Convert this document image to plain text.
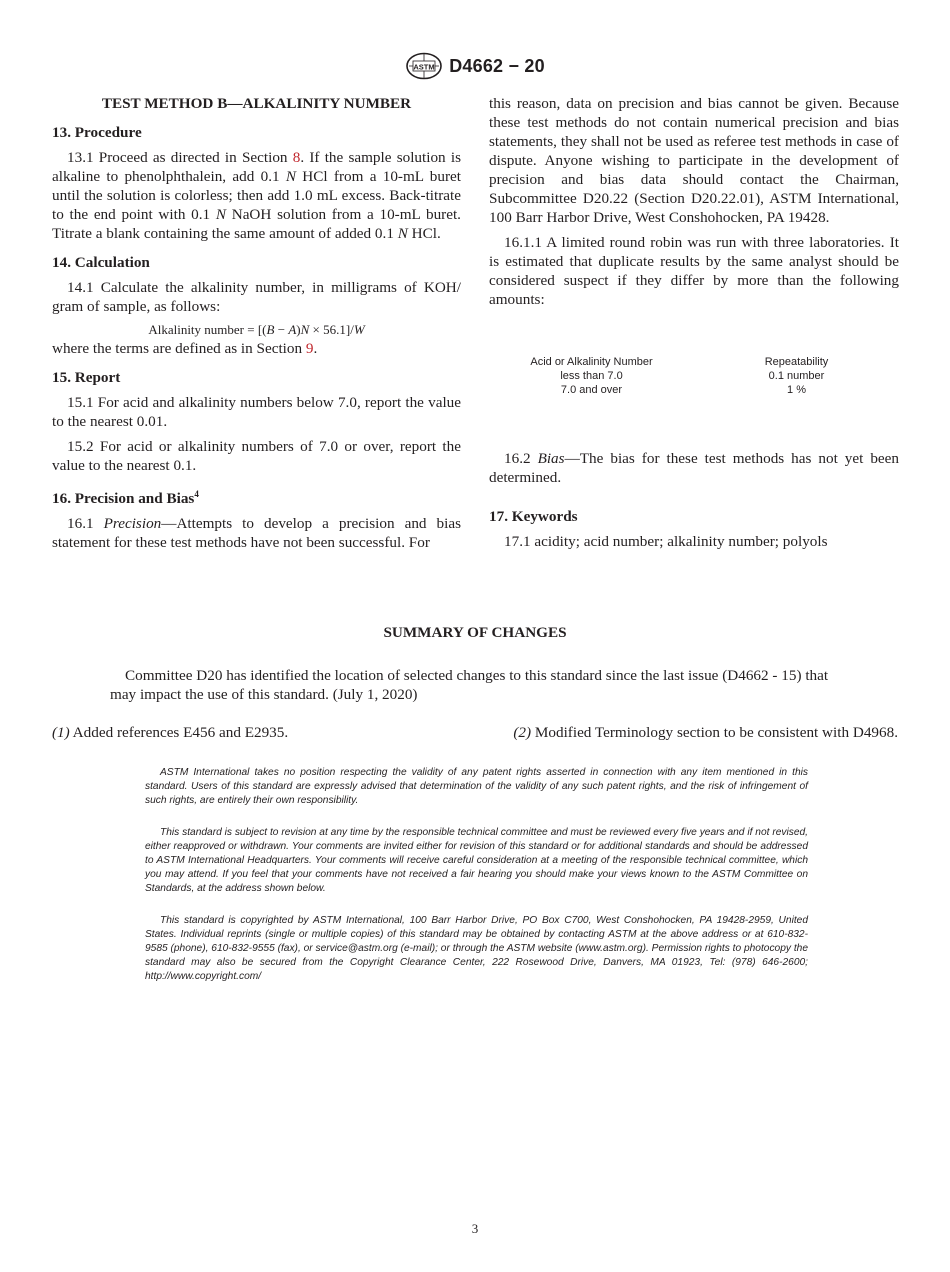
ASTM D4662 − 20

TEST METHOD B—ALKALINITY NUMBER

13. Procedure

13.1 Proceed as directed in Section 8. If the sample solution is alkaline to phenolphthalein, add 0.1 N HCl from a 10-mL buret until the solution is colorless; then add 1.0 mL excess. Back-titrate to the end point with 0.1 N NaOH solution from a 10-mL buret. Titrate a blank containing the same amount of added 0.1 N HCl.

14. Calculation

14.1 Calculate the alkalinity number, in milligrams of KOH/ gram of sample, as follows:

Alkalinity number = [(B − A)N × 56.1]/W

where the terms are defined as in Section 9.

15. Report

15.1 For acid and alkalinity numbers below 7.0, report the value to the nearest 0.01.

15.2 For acid or alkalinity numbers of 7.0 or over, report the value to the nearest 0.1.

16. Precision and Bias$^4$

16.1 Precision—Attempts to develop a precision and bias statement for these test methods have not been successful. For

this reason, data on precision and bias cannot be given. Because these test methods do not contain numerical precision and bias statements, they shall not be used as referee test methods in case of dispute. Anyone wishing to participate in the development of precision and bias data should contact the Chairman, Subcommittee D20.22 (Section D20.22.01), ASTM International, 100 Barr Harbor Drive, West Conshohocken, PA 19428.

16.1.1 A limited round robin was run with three laboratories. It is estimated that duplicate results by the same analyst should be considered suspect if they differ by more than the following amounts:

Acid or Alkalinity Number	Repeatability
less than 7.0	0.1 number
7.0 and over	1 %

16.2 Bias—The bias for these test methods has not yet been determined.

17. Keywords

17.1 acidity; acid number; alkalinity number; polyols

SUMMARY OF CHANGES
Committee D20 has identified the location of selected changes to this standard since the last issue (D4662 - 15) that may impact the use of this standard. (July 1, 2020)
(1) Added references E456 and E2935.	(2) Modified Terminology section to be consistent with D4968.

ASTM International takes no position respecting the validity of any patent rights asserted in connection with any item mentioned in this standard. Users of this standard are expressly advised that determination of the validity of any such patent rights, and the risk of infringement of such rights, are entirely their own responsibility.

This standard is subject to revision at any time by the responsible technical committee and must be reviewed every five years and if not revised, either reapproved or withdrawn. Your comments are invited either for revision of this standard or for additional standards and should be addressed to ASTM International Headquarters. Your comments will receive careful consideration at a meeting of the responsible technical committee, which you may attend. If you feel that your comments have not received a fair hearing you should make your views known to the ASTM Committee on Standards, at the address shown below.

This standard is copyrighted by ASTM International, 100 Barr Harbor Drive, PO Box C700, West Conshohocken, PA 19428-2959, United States. Individual reprints (single or multiple copies) of this standard may be obtained by contacting ASTM at the above address or at 610-832-9585 (phone), 610-832-9555 (fax), or service@astm.org (e-mail); or through the ASTM website (www.astm.org). Permission rights to photocopy the standard may also be secured from the Copyright Clearance Center, 222 Rosewood Drive, Danvers, MA 01923, Tel: (978) 646-2600; http://www.copyright.com/

3
